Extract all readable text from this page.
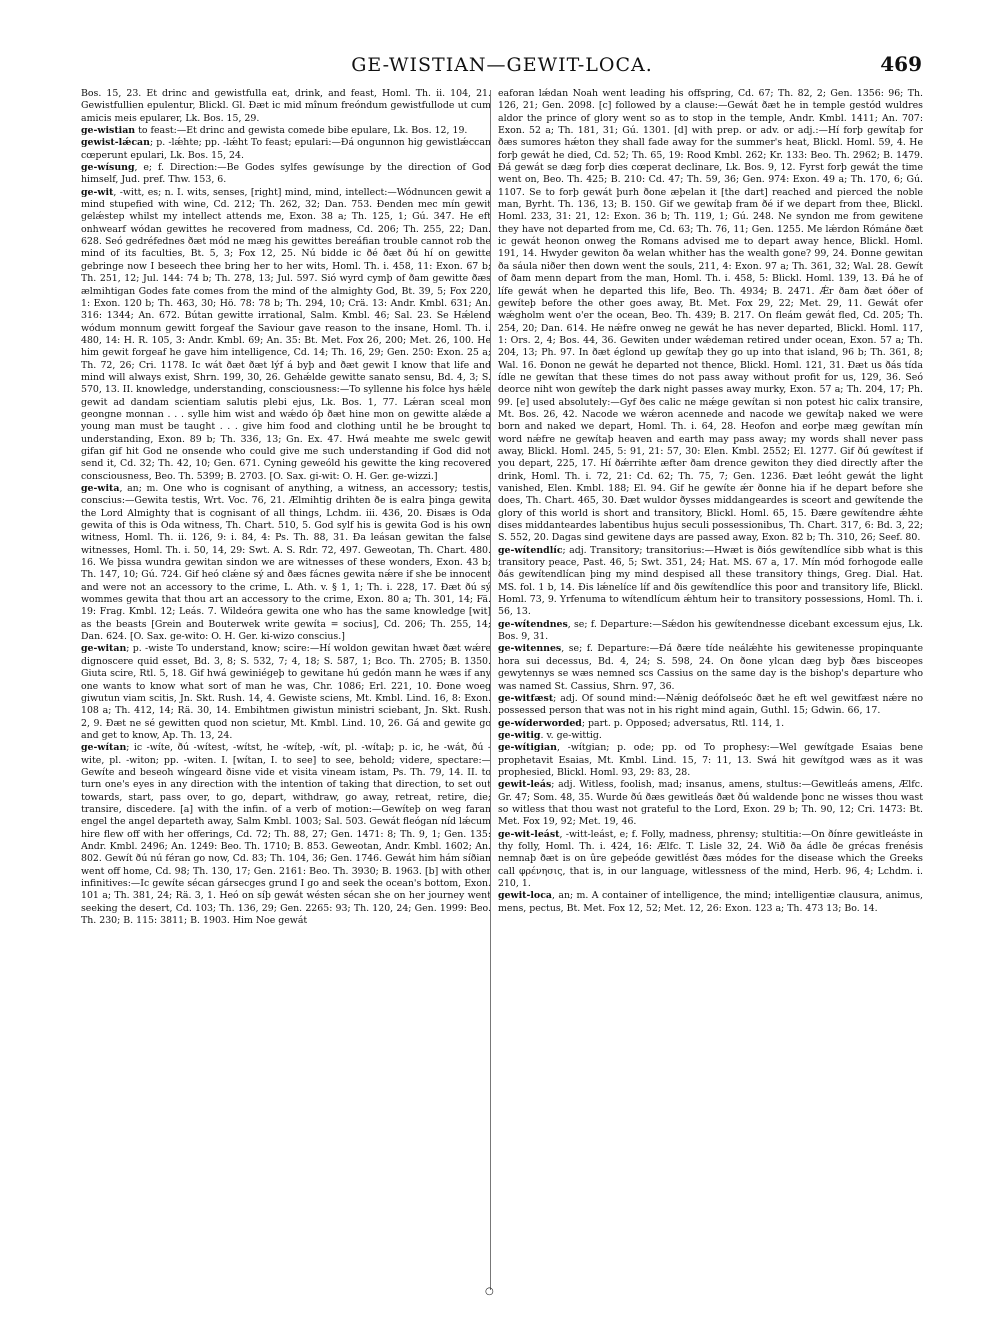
GE-WISTIAN—GEWIT-LOCA.	469

Bos. 15, 23. Et drinc and gewistfulla eat, drink, and feast, Homl. Th. ii. 104, 21. Gewistfullien epulentur, Blickl. Gl. Ðæt ic mid mînum freóndum gewistfullode ut cum amicis meis epularer, Lk. Bos. 15, 29.

ge-wistian to feast:—Et drinc and gewista comede bibe epulare, Lk. Bos. 12, 19.

gewist-lǽcan; p. -lǽhte; pp. -lǽht To feast; epulari:—Ðá ongunnon hig gewistlǽccan cœperunt epulari, Lk. Bos. 15, 24.

ge-wísung, e; f. Direction:—Be Godes sylfes gewísunge by the direction of God himself, Jud. pref. Thw. 153, 6.

ge-wit, -witt, es; n. I. wits, senses, [right] mind, mind, intellect:—Wódnuncen gewit a mind stupefied with wine, Cd. 212; Th. 262, 32; Dan. 753. Ðenden mec mín gewit gelǽstep whilst my intellect attends me, Exon. 38 a; Th. 125, 1; Gú. 347. He eft onhwearf wódan gewittes he recovered from madness, Cd. 206; Th. 255, 22; Dan. 628. Seó gedréfednes ðæt mód ne mæg his gewittes bereáfian trouble cannot rob the mind of its faculties, Bt. 5, 3; Fox 12, 25. Nú bidde ic ðé ðæt ðú hí on gewitte gebringe now I beseech thee bring her to her wits, Homl. Th. i. 458, 11: Exon. 67 b; Th. 251, 12; Jul. 144: 74 b; Th. 278, 13; Jul. 597. Sió wyrd cymþ of ðam gewitte ðæs ælmihtigan Godes fate comes from the mind of the almighty God, Bt. 39, 5; Fox 220, 1: Exon. 120 b; Th. 463, 30; Hö. 78: 78 b; Th. 294, 10; Crä. 13: Andr. Kmbl. 631; An. 316: 1344; An. 672. Bútan gewitte irrational, Salm. Kmbl. 46; Sal. 23. Se Hǽlend wódum monnum gewitt forgeaf the Saviour gave reason to the insane, Homl. Th. i. 480, 14: H. R. 105, 3: Andr. Kmbl. 69; An. 35: Bt. Met. Fox 26, 200; Met. 26, 100. He him gewit forgeaf he gave him intelligence, Cd. 14; Th. 16, 29; Gen. 250: Exon. 25 a; Th. 72, 26; Cri. 1178. Ic wát ðæt ðæt lýf á byþ and ðæt gewit I know that life and mind will always exist, Shrn. 199, 30, 26. Gehǽlde gewitte sanato sensu, Bd. 4, 3; S. 570, 13. II. knowledge, understanding, consciousness:—To syllenne his folce hys hǽle gewit ad dandam scientiam salutis plebi ejus, Lk. Bos. 1, 77. Lǽran sceal mon geongne monnan . . . sylle him wist and wǽdo óþ ðæt hine mon on gewitte alǽde a young man must be taught . . . give him food and clothing until he be brought to understanding, Exon. 89 b; Th. 336, 13; Gn. Ex. 47. Hwá meahte me swelc gewit gifan gif hit God ne onsende who could give me such understanding if God did not send it, Cd. 32; Th. 42, 10; Gen. 671. Cyning geweóld his gewitte the king recovered consciousness, Beo. Th. 5399; B. 2703. [O. Sax. gi-wit: O. H. Ger. ge-wizzi.]

ge-wita, an; m. One who is cognisant of anything, a witness, an accessory; testis, conscius:—Gewita testis, Wrt. Voc. 76, 21. Ælmihtig drihten ðe is ealra þinga gewita the Lord Almighty that is cognisant of all things, Lchdm. iii. 436, 20. Ðisæs is Oda gewita of this is Oda witness, Th. Chart. 510, 5. God sylf his is gewita God is his own witness, Homl. Th. ii. 126, 9: i. 84, 4: Ps. Th. 88, 31. Ða leásan gewitan the false witnesses, Homl. Th. i. 50, 14, 29: Swt. A. S. Rdr. 72, 497. Geweotan, Th. Chart. 480. 16. We þissa wundra gewitan sindon we are witnesses of these wonders, Exon. 43 b; Th. 147, 10; Gú. 724. Gif heó clǽne sý and ðæs fácnes gewita nǽre if she be innocent and were not an accessory to the crime, L. Ath. v. § 1, 1; Th. i. 228, 17. Ðæt ðú sý wommes gewita that thou art an accessory to the crime, Exon. 80 a; Th. 301, 14; Fä. 19: Frag. Kmbl. 12; Leás. 7. Wildeóra gewita one who has the same knowledge [wit] as the beasts [Grein and Bouterwek write gewíta = socius], Cd. 206; Th. 255, 14; Dan. 624. [O. Sax. ge-wito: O. H. Ger. ki-wizo conscius.]

ge-witan; p. -wiste To understand, know; scire:—Hí woldon gewitan hwæt ðæt wǽre dignoscere quid esset, Bd. 3, 8; S. 532, 7; 4, 18; S. 587, 1; Bco. Th. 2705; B. 1350. Giuta scire, Rtl. 5, 18. Gif hwá gewiniégeþ to gewitane hú gedón mann he wæs if any one wants to know what sort of man he was, Chr. 1086; Erl. 221, 10. Ðone woeg giwutun viam scitis, Jn. Skt. Rush. 14, 4. Gewiste sciens, Mt. Kmbl. Lind. 16, 8: Exon. 108 a; Th. 412, 14; Rä. 30, 14. Embihtmen giwistun ministri sciebant, Jn. Skt. Rush. 2, 9. Ðæt ne sé gewitten quod non scietur, Mt. Kmbl. Lind. 10, 26. Gá and gewite go and get to know, Ap. Th. 13, 24.

ge-wítan; ic -wíte, ðú -wítest, -wítst, he -wíteþ, -wít, pl. -wítaþ; p. ic, he -wát, ðú -wite, pl. -witon; pp. -witen. I. [wítan, I. to see] to see, behold; videre, spectare:—Gewíte and beseoh wíngeard ðisne vide et visita vineam istam, Ps. Th. 79, 14. II. to turn one's eyes in any direction with the intention of taking that direction, to set out towards, start, pass over, to go, depart, withdraw, go away, retreat, retire, die; transire, discedere. [a] with the infin. of a verb of motion:—Gewíteþ on weg faran engel the angel departeth away, Salm Kmbl. 1003; Sal. 503. Gewát fleógan níd lǽcum hire flew off with her offerings, Cd. 72; Th. 88, 27; Gen. 1471: 8; Th. 9, 1; Gen. 135: Andr. Kmbl. 2496; An. 1249: Beo. Th. 1710; B. 853. Geweotan, Andr. Kmbl. 1602; An. 802. Gewít ðú nú féran go now, Cd. 83; Th. 104, 36; Gen. 1746. Gewát him hám síðian went off home, Cd. 98; Th. 130, 17; Gen. 2161: Beo. Th. 3930; B. 1963. [b] with other infinitives:—Ic gewíte sécan gársecges grund I go and seek the ocean's bottom, Exon. 101 a; Th. 381, 24; Rä. 3, 1. Heó on síþ gewát wésten sécan she on her journey went seeking the desert, Cd. 103; Th. 136, 29; Gen. 2265: 93; Th. 120, 24; Gen. 1999: Beo. Th. 230; B. 115: 3811; B. 1903. Him Noe gewát

○

eaforan lǽdan Noah went leading his offspring, Cd. 67; Th. 82, 2; Gen. 1356: 96; Th. 126, 21; Gen. 2098. [c] followed by a clause:—Gewát ðæt he in temple gestód wuldres aldor the prince of glory went so as to stop in the temple, Andr. Kmbl. 1411; An. 707: Exon. 52 a; Th. 181, 31; Gú. 1301. [d] with prep. or adv. or adj.:—Hí forþ gewítaþ for ðæs sumores hǽton they shall fade away for the summer's heat, Blickl. Homl. 59, 4. He forþ gewát he died, Cd. 52; Th. 65, 19: Rood Kmbl. 262; Kr. 133: Beo. Th. 2962; B. 1479. Ðá gewát se dæg forþ dies cœperat declinare, Lk. Bos. 9, 12. Fyrst forþ gewát the time went on, Beo. Th. 425; B. 210: Cd. 47; Th. 59, 36; Gen. 974: Exon. 49 a; Th. 170, 6; Gú. 1107. Se to forþ gewát þurh ðone æþelan it [the dart] reached and pierced the noble man, Byrht. Th. 136, 13; B. 150. Gif we gewítaþ fram ðé if we depart from thee, Blickl. Homl. 233, 31: 21, 12: Exon. 36 b; Th. 119, 1; Gú. 248. Ne syndon me from gewitene they have not departed from me, Cd. 63; Th. 76, 11; Gen. 1255. Me lǽrdon Rómáne ðæt ic gewát heonon onweg the Romans advised me to depart away hence, Blickl. Homl. 191, 14. Hwyder gewiton ða welan whither has the wealth gone? 99, 24. Ðonne gewitan ða sáula niðer then down went the souls, 211, 4: Exon. 97 a; Th. 361, 32; Wal. 28. Gewít of ðam menn depart from the man, Homl. Th. i. 458, 5: Blickl. Homl. 139, 13. Ðá he of lífe gewát when he departed this life, Beo. Th. 4934; B. 2471. Ǽr ðam ðæt óðer of gewíteþ before the other goes away, Bt. Met. Fox 29, 22; Met. 29, 11. Gewát ofer wǽgholm went o'er the ocean, Beo. Th. 439; B. 217. On fleám gewát fled, Cd. 205; Th. 254, 20; Dan. 614. He nǽfre onweg ne gewát he has never departed, Blickl. Homl. 117, 1: Ors. 2, 4; Bos. 44, 36. Gewiten under wǽdeman retired under ocean, Exon. 57 a; Th. 204, 13; Ph. 97. In ðæt églond up gewítaþ they go up into that island, 96 b; Th. 361, 8; Wal. 16. Ðonon ne gewát he departed not thence, Blickl. Homl. 121, 31. Ðæt us ðás tída ídle ne gewítan that these times do not pass away without profit for us, 129, 36. Seó deorce niht won gewíteþ the dark night passes away murky, Exon. 57 a; Th. 204, 17; Ph. 99. [e] used absolutely:—Gyf ðes calic ne mǽge gewítan si non potest hic calix transire, Mt. Bos. 26, 42. Nacode we wǽron acennede and nacode we gewítaþ naked we were born and naked we depart, Homl. Th. i. 64, 28. Heofon and eorþe mæg gewítan mín word nǽfre ne gewítaþ heaven and earth may pass away; my words shall never pass away, Blickl. Homl. 245, 5: 91, 21: 57, 30: Elen. Kmbl. 2552; El. 1277. Gif ðú gewítest if you depart, 225, 17. Hí ðǽrrihte æfter ðam drence gewiton they died directly after the drink, Homl. Th. i. 72, 21: Cd. 62; Th. 75, 7; Gen. 1236. Ðæt leóht gewát the light vanished, Elen. Kmbl. 188; El. 94. Gif he gewíte ǽr ðonne hia if he depart before she does, Th. Chart. 465, 30. Ðæt wuldor ðysses middangeardes is sceort and gewítende the glory of this world is short and transitory, Blickl. Homl. 65, 15. Ðære gewítendre ǽhte dises middanteardes labentibus hujus seculi possessionibus, Th. Chart. 317, 6: Bd. 3, 22; S. 552, 20. Dagas sind gewitene days are passed away, Exon. 82 b; Th. 310, 26; Seef. 80.

ge-wítendlíc; adj. Transitory; transitorius:—Hwæt is ðiós gewítendlíce sibb what is this transitory peace, Past. 46, 5; Swt. 351, 24; Hat. MS. 67 a, 17. Mín mód forhogode ealle ðás gewítendlícan þing my mind despised all these transitory things, Greg. Dial. Hat. MS. fol. 1 b, 14. Ðis lǽnelíce líf and ðis gewítendlíce this poor and transitory life, Blickl. Homl. 73, 9. Yrfenuma to wítendlícum ǽhtum heir to transitory possessions, Homl. Th. i. 56, 13.

ge-wítendnes, se; f. Departure:—Sǽdon his gewítendnesse dicebant excessum ejus, Lk. Bos. 9, 31.

ge-witennes, se; f. Departure:—Ðá ðære tíde neálǽhte his gewitenesse propinquante hora sui decessus, Bd. 4, 24; S. 598, 24. On ðone ylcan dæg byþ ðæs bisceopes gewytennys se wæs nemned scs Cassius on the same day is the bishop's departure who was named St. Cassius, Shrn. 97, 36.

ge-witfæst; adj. Of sound mind:—Nǽnig deófolseóc ðæt he eft wel gewitfæst nǽre no possessed person that was not in his right mind again, Guthl. 15; Gdwin. 66, 17.

ge-wíderworded; part. p. Opposed; adversatus, Rtl. 114, 1.

ge-witig. v. ge-wittig.

ge-wítigian, -wítgian; p. ode; pp. od To prophesy:—Wel gewítgade Esaias bene prophetavit Esaias, Mt. Kmbl. Lind. 15, 7: 11, 13. Swá hit gewítgod wæs as it was prophesied, Blickl. Homl. 93, 29: 83, 28.

gewit-leás; adj. Witless, foolish, mad; insanus, amens, stultus:—Gewitleás amens, Ælfc. Gr. 47; Som. 48, 35. Wurde ðú ðæs gewitleás ðæt ðú waldende þonc ne wisses thou wast so witless that thou wast not grateful to the Lord, Exon. 29 b; Th. 90, 12; Cri. 1473: Bt. Met. Fox 19, 92; Met. 19, 46.

ge-wit-leást, -witt-leást, e; f. Folly, madness, phrensy; stultitia:—On ðínre gewitleáste in thy folly, Homl. Th. i. 424, 16: Ælfc. T. Lisle 32, 24. Wið ða ádle ðe grécas frenésis nemnaþ ðæt is on ûre geþeóde gewitlést ðæs módes for the disease which the Greeks call φρένησις, that is, in our language, witlessness of the mind, Herb. 96, 4; Lchdm. i. 210, 1.

gewit-loca, an; m. A container of intelligence, the mind; intelligentiæ clausura, animus, mens, pectus, Bt. Met. Fox 12, 52; Met. 12, 26: Exon. 123 a; Th. 473 13; Bo. 14.
